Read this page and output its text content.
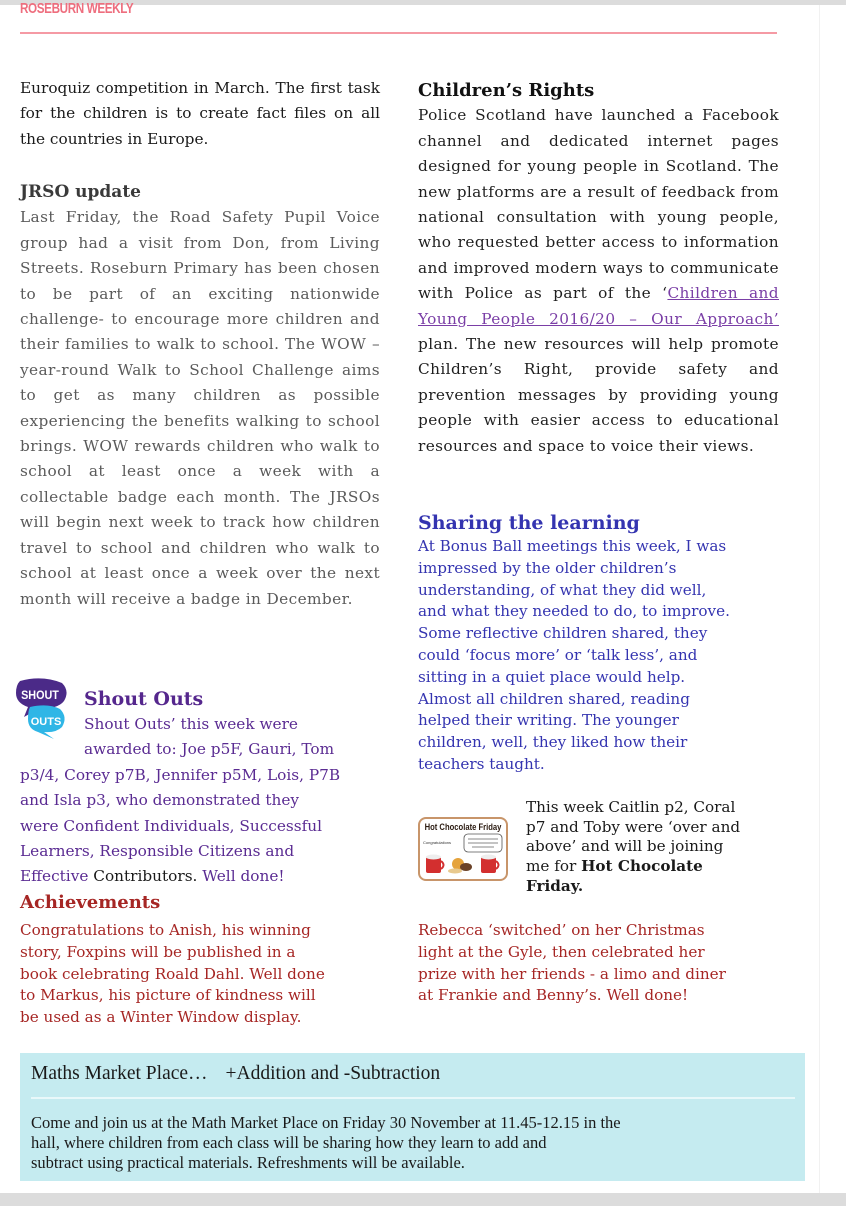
ROSEBURN WEEKLY
Euroquiz competition in March. The first task for the children is to create fact files on all the countries in Europe.
JRSO update
Last Friday, the Road Safety Pupil Voice group had a visit from Don, from Living Streets. Roseburn Primary has been chosen to be part of an exciting nationwide challenge- to encourage more children and their families to walk to school. The WOW – year-round Walk to School Challenge aims to get as many children as possible experiencing the benefits walking to school brings. WOW rewards children who walk to school at least once a week with a collectable badge each month. The JRSOs will begin next week to track how children travel to school and children who walk to school at least once a week over the next month will receive a badge in December.
Children’s Rights
Police Scotland have launched a Facebook channel and dedicated internet pages designed for young people in Scotland. The new platforms are a result of feedback from national consultation with young people, who requested better access to information and improved modern ways to communicate with Police as part of the ‘Children and Young People 2016/20 – Our Approach’ plan. The new resources will help promote Children’s Right, provide safety and prevention messages by providing young people with easier access to educational resources and space to voice their views.
Sharing the learning
At Bonus Ball meetings this week, I was
impressed by the older children’s
understanding, of what they did well,
and what they needed to do, to improve.
Some reflective children shared, they
could ‘focus more’ or ‘talk less’, and
sitting in a quiet place would help.
Almost all children shared, reading
helped their writing. The younger
children, well, they liked how their
teachers taught.
SHOUT
OUTS
Shout Outs
Shout Outs’ this week were
awarded to: Joe p5F, Gauri, Tom
p3/4, Corey p7B, Jennifer p5M, Lois, P7B
and Isla p3, who demonstrated they
were Confident Individuals, Successful
Learners, Responsible Citizens and
Effective Contributors. Well done!
Achievements
Congratulations to Anish, his winning
story, Foxpins will be published in a
book celebrating Roald Dahl. Well done
to Markus, his picture of kindness will
be used as a Winter Window display.
Hot Chocolate Friday
Congratulations
This week Caitlin p2, Coral
p7 and Toby were ‘over and
above’ and will be joining
me for Hot Chocolate
Friday.
Rebecca ‘switched’ on her Christmas
light at the Gyle, then celebrated her
prize with her friends - a limo and diner
at Frankie and Benny’s. Well done!
Maths Market Place… +Addition and -Subtraction
Come and join us at the Math Market Place on Friday 30 November at 11.45-12.15 in the
hall, where children from each class will be sharing how they learn to add and
subtract using practical materials. Refreshments will be available.
